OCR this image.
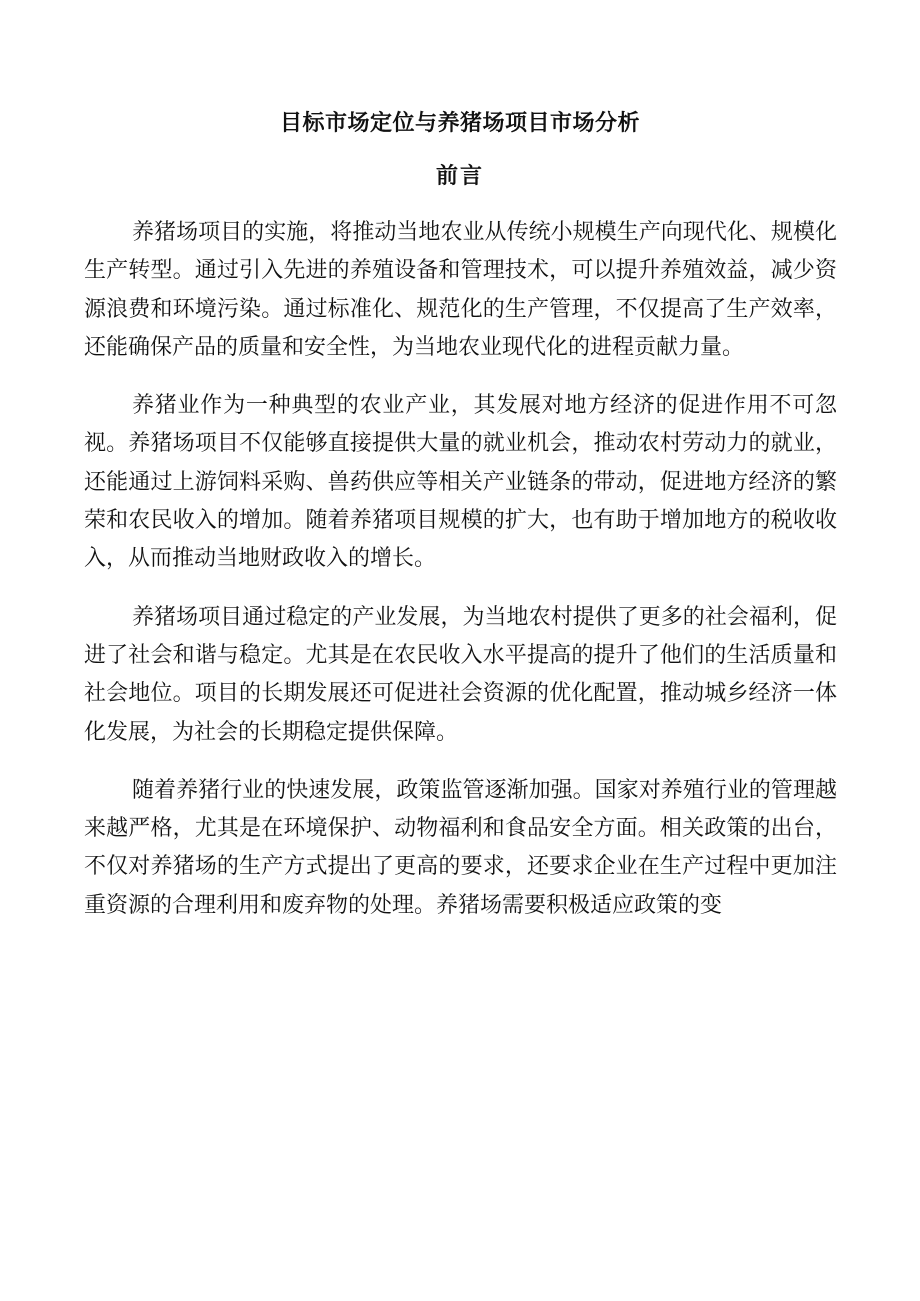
目标市场定位与养猪场项目市场分析
前言

养猪场项目的实施，将推动当地农业从传统小规模生产向现代化、规模化生产转型。通过引入先进的养殖设备和管理技术，可以提升养殖效益，减少资源浪费和环境污染。通过标准化、规范化的生产管理，不仅提高了生产效率，还能确保产品的质量和安全性，为当地农业现代化的进程贡献力量。

养猪业作为一种典型的农业产业，其发展对地方经济的促进作用不可忽视。养猪场项目不仅能够直接提供大量的就业机会，推动农村劳动力的就业，还能通过上游饲料采购、兽药供应等相关产业链条的带动，促进地方经济的繁荣和农民收入的增加。随着养猪项目规模的扩大，也有助于增加地方的税收收入，从而推动当地财政收入的增长。

养猪场项目通过稳定的产业发展，为当地农村提供了更多的社会福利，促进了社会和谐与稳定。尤其是在农民收入水平提高的提升了他们的生活质量和社会地位。项目的长期发展还可促进社会资源的优化配置，推动城乡经济一体化发展，为社会的长期稳定提供保障。

随着养猪行业的快速发展，政策监管逐渐加强。国家对养殖行业的管理越来越严格，尤其是在环境保护、动物福利和食品安全方面。相关政策的出台，不仅对养猪场的生产方式提出了更高的要求，还要求企业在生产过程中更加注重资源的合理利用和废弃物的处理。养猪场需要积极适应政策的变
